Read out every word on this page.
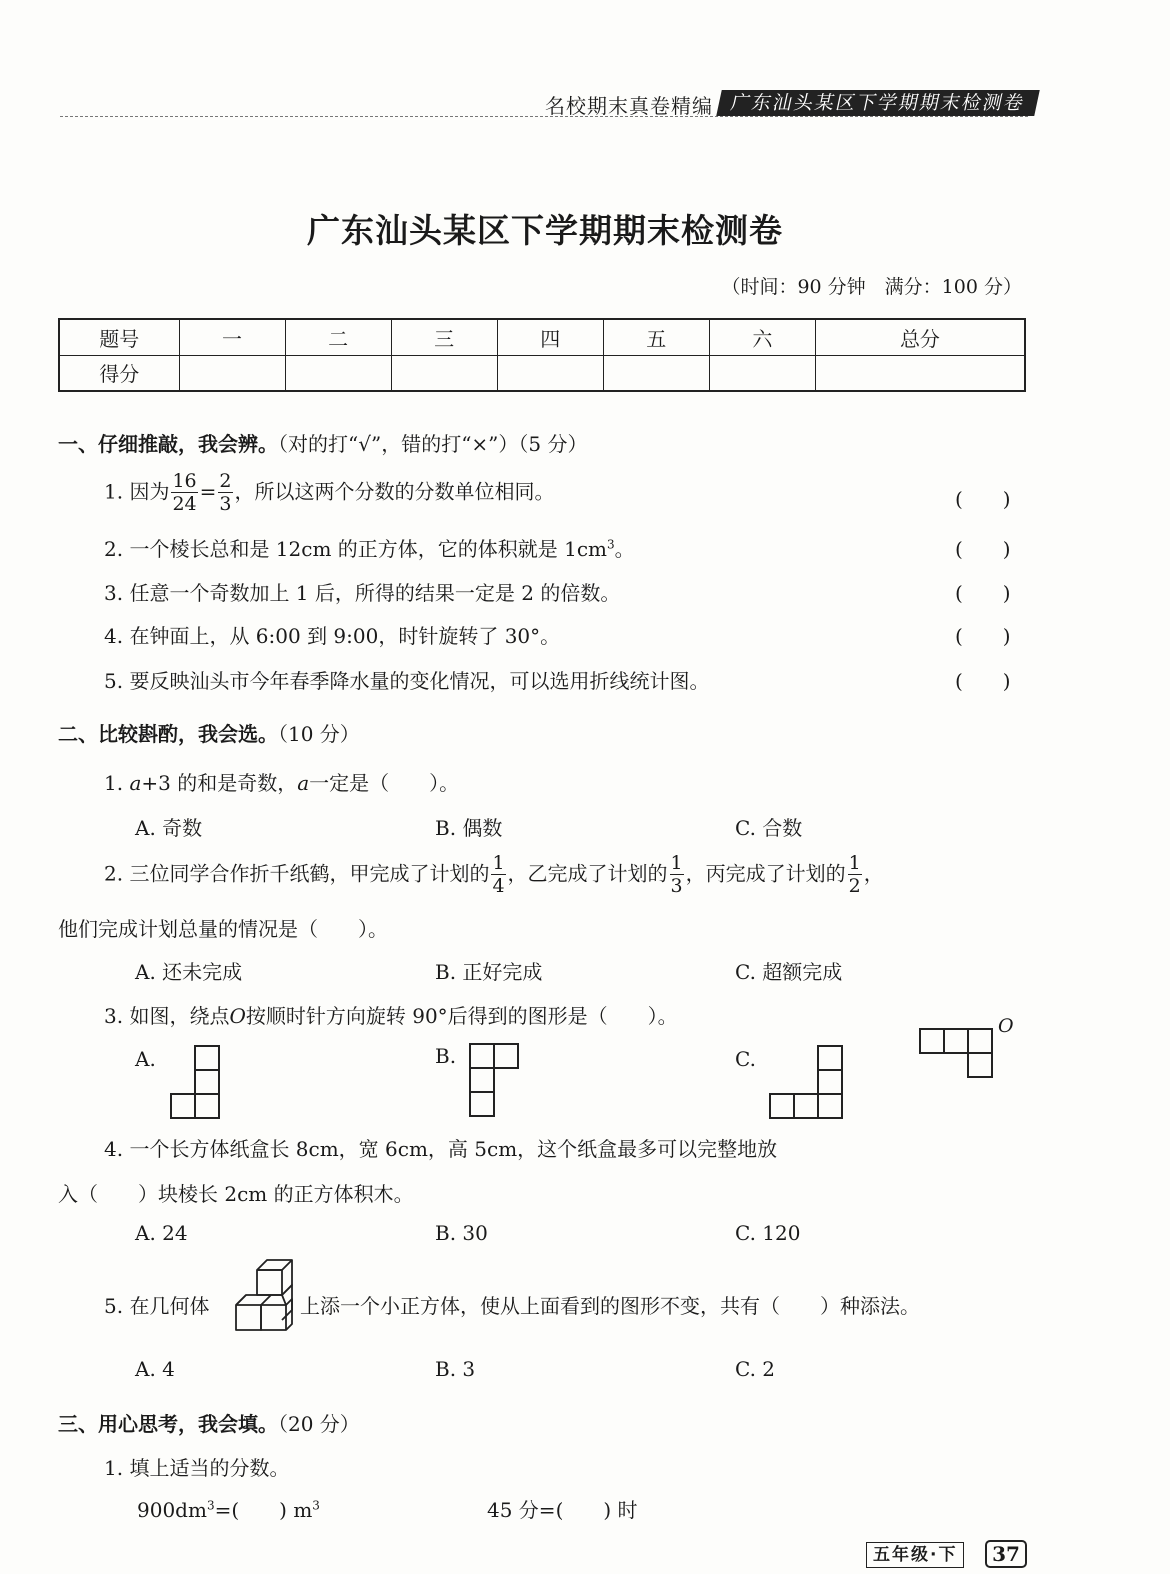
名校期末真卷精编 广东汕头某区下学期期末检测卷
广东汕头某区下学期期末检测卷
（时间：90 分钟　满分：100 分）
题号	一	二	三	四	五	六	总分
得分							
一、仔细推敲，我会辨。（对的打“√”，错的打“×”）（5 分）
1. 因为 $\frac{16}{24} = \frac{2}{3}$ ，所以这两个分数的分数单位相同。	(　　)
2. 一个棱长总和是 12cm 的正方体，它的体积就是 $1cm^3$。	(　　)
3. 任意一个奇数加上 1 后，所得的结果一定是 2 的倍数。	(　　)
4. 在钟面上，从 6:00 到 9:00，时针旋转了 30°。	(　　)
5. 要反映汕头市今年春季降水量的变化情况，可以选用折线统计图。	(　　)
二、比较斟酌，我会选。（10 分）
1. a+3 的和是奇数，a一定是（　　）。
A. 奇数	B. 偶数	C. 合数
2. 三位同学合作折千纸鹤，甲完成了计划的 $\frac{1}{4}$ ，乙完成了计划的 $\frac{1}{3}$ ，丙完成了计划的 $\frac{1}{2}$ ，
他们完成计划总量的情况是（　　）。
A. 还未完成	B. 正好完成	C. 超额完成
3. 如图，绕点O按顺时针方向旋转 90°后得到的图形是（　　）。
A.	B.	C.
O
4. 一个长方体纸盒长 8cm，宽 6cm，高 5cm，这个纸盒最多可以完整地放
入（　　）块棱长 2cm 的正方体积木。
A. 24	B. 30	C. 120
5. 在几何体	上添一个小正方体，使从上面看到的图形不变，共有（　　）种添法。
A. 4	B. 3	C. 2
三、用心思考，我会填。（20 分）
1. 填上适当的分数。
$900dm^3=$(　　) $m^3$	45 分=(　　) 时
五年级·下	37
